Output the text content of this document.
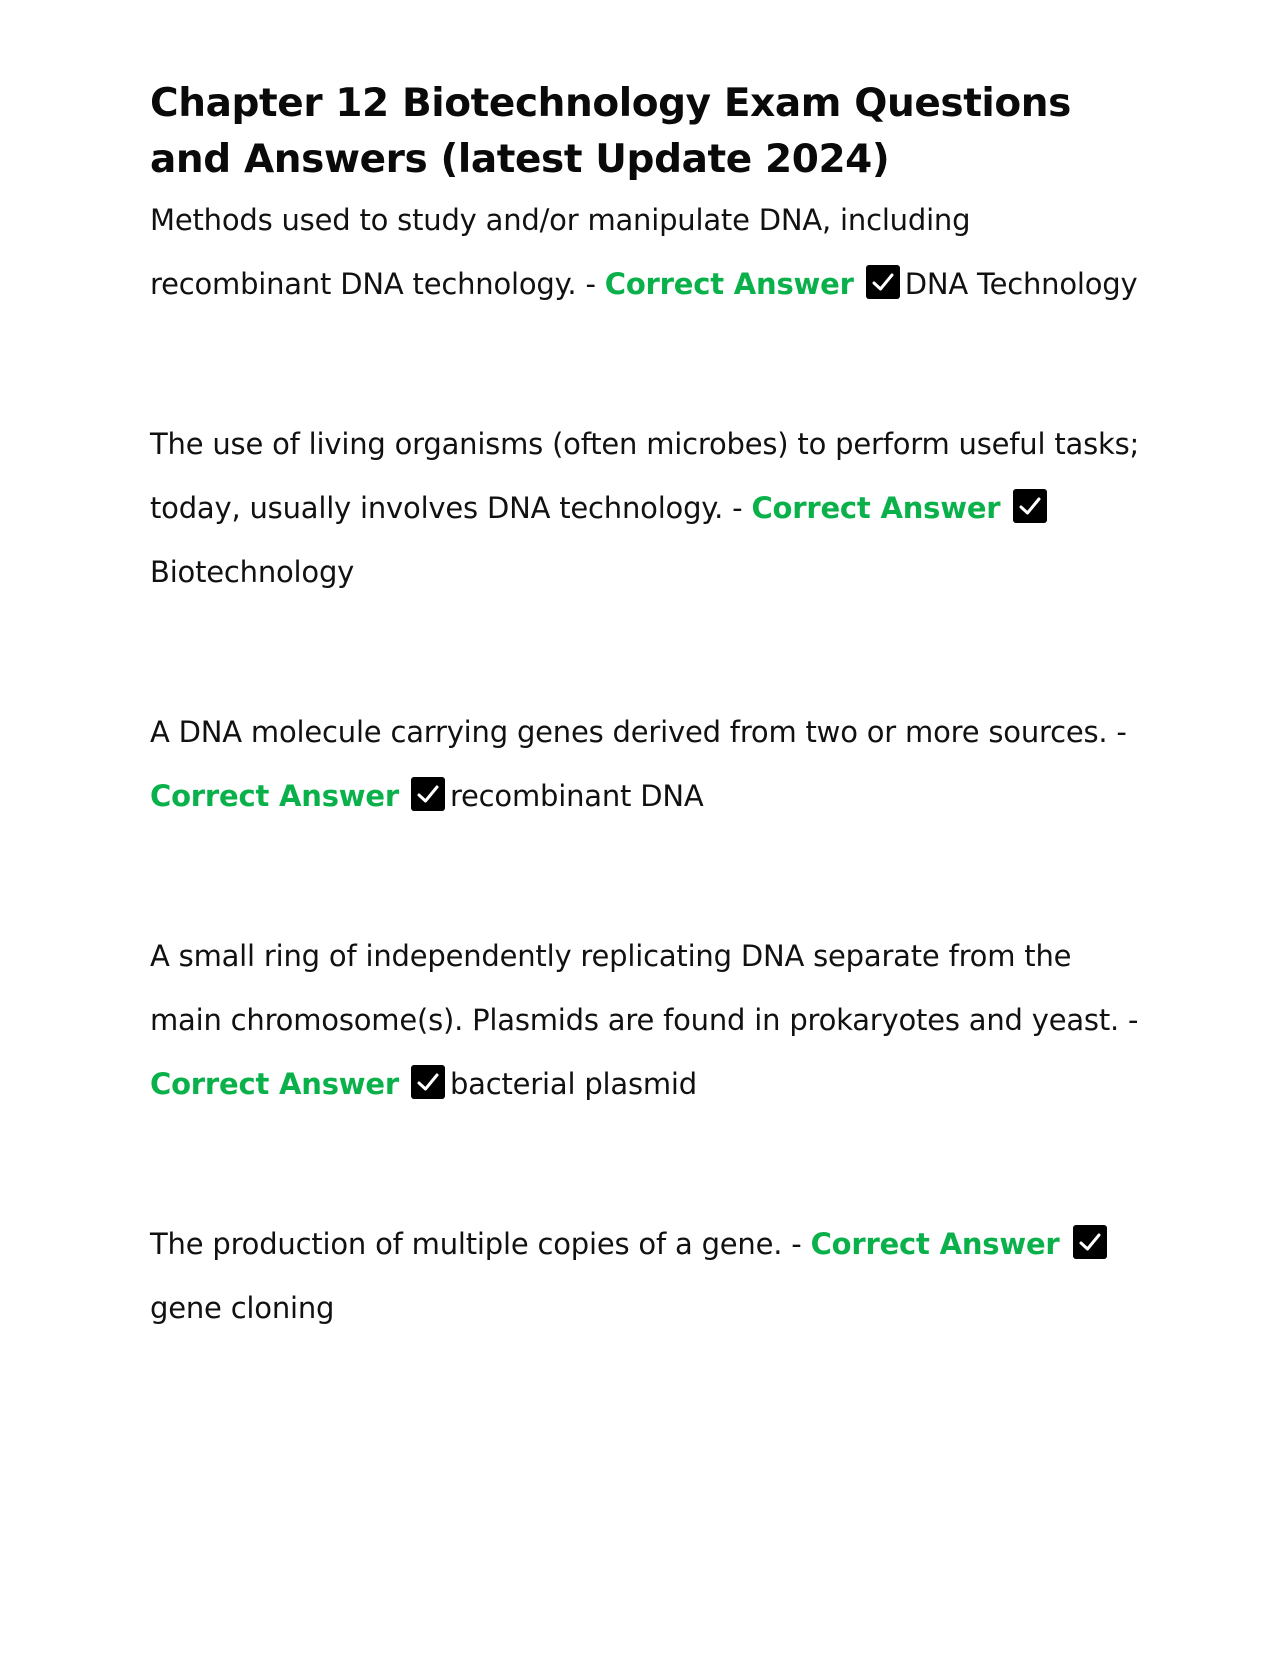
Chapter 12 Biotechnology Exam Questions and Answers (latest Update 2024)

Methods used to study and/or manipulate DNA, including recombinant DNA technology. - Correct Answer DNA Technology

The use of living organisms (often microbes) to perform useful tasks; today, usually involves DNA technology. - Correct Answer
Biotechnology

A DNA molecule carrying genes derived from two or more sources. - Correct Answer recombinant DNA

A small ring of independently replicating DNA separate from the main chromosome(s). Plasmids are found in prokaryotes and yeast. - Correct Answer bacterial plasmid

The production of multiple copies of a gene. - Correct Answer
gene cloning
